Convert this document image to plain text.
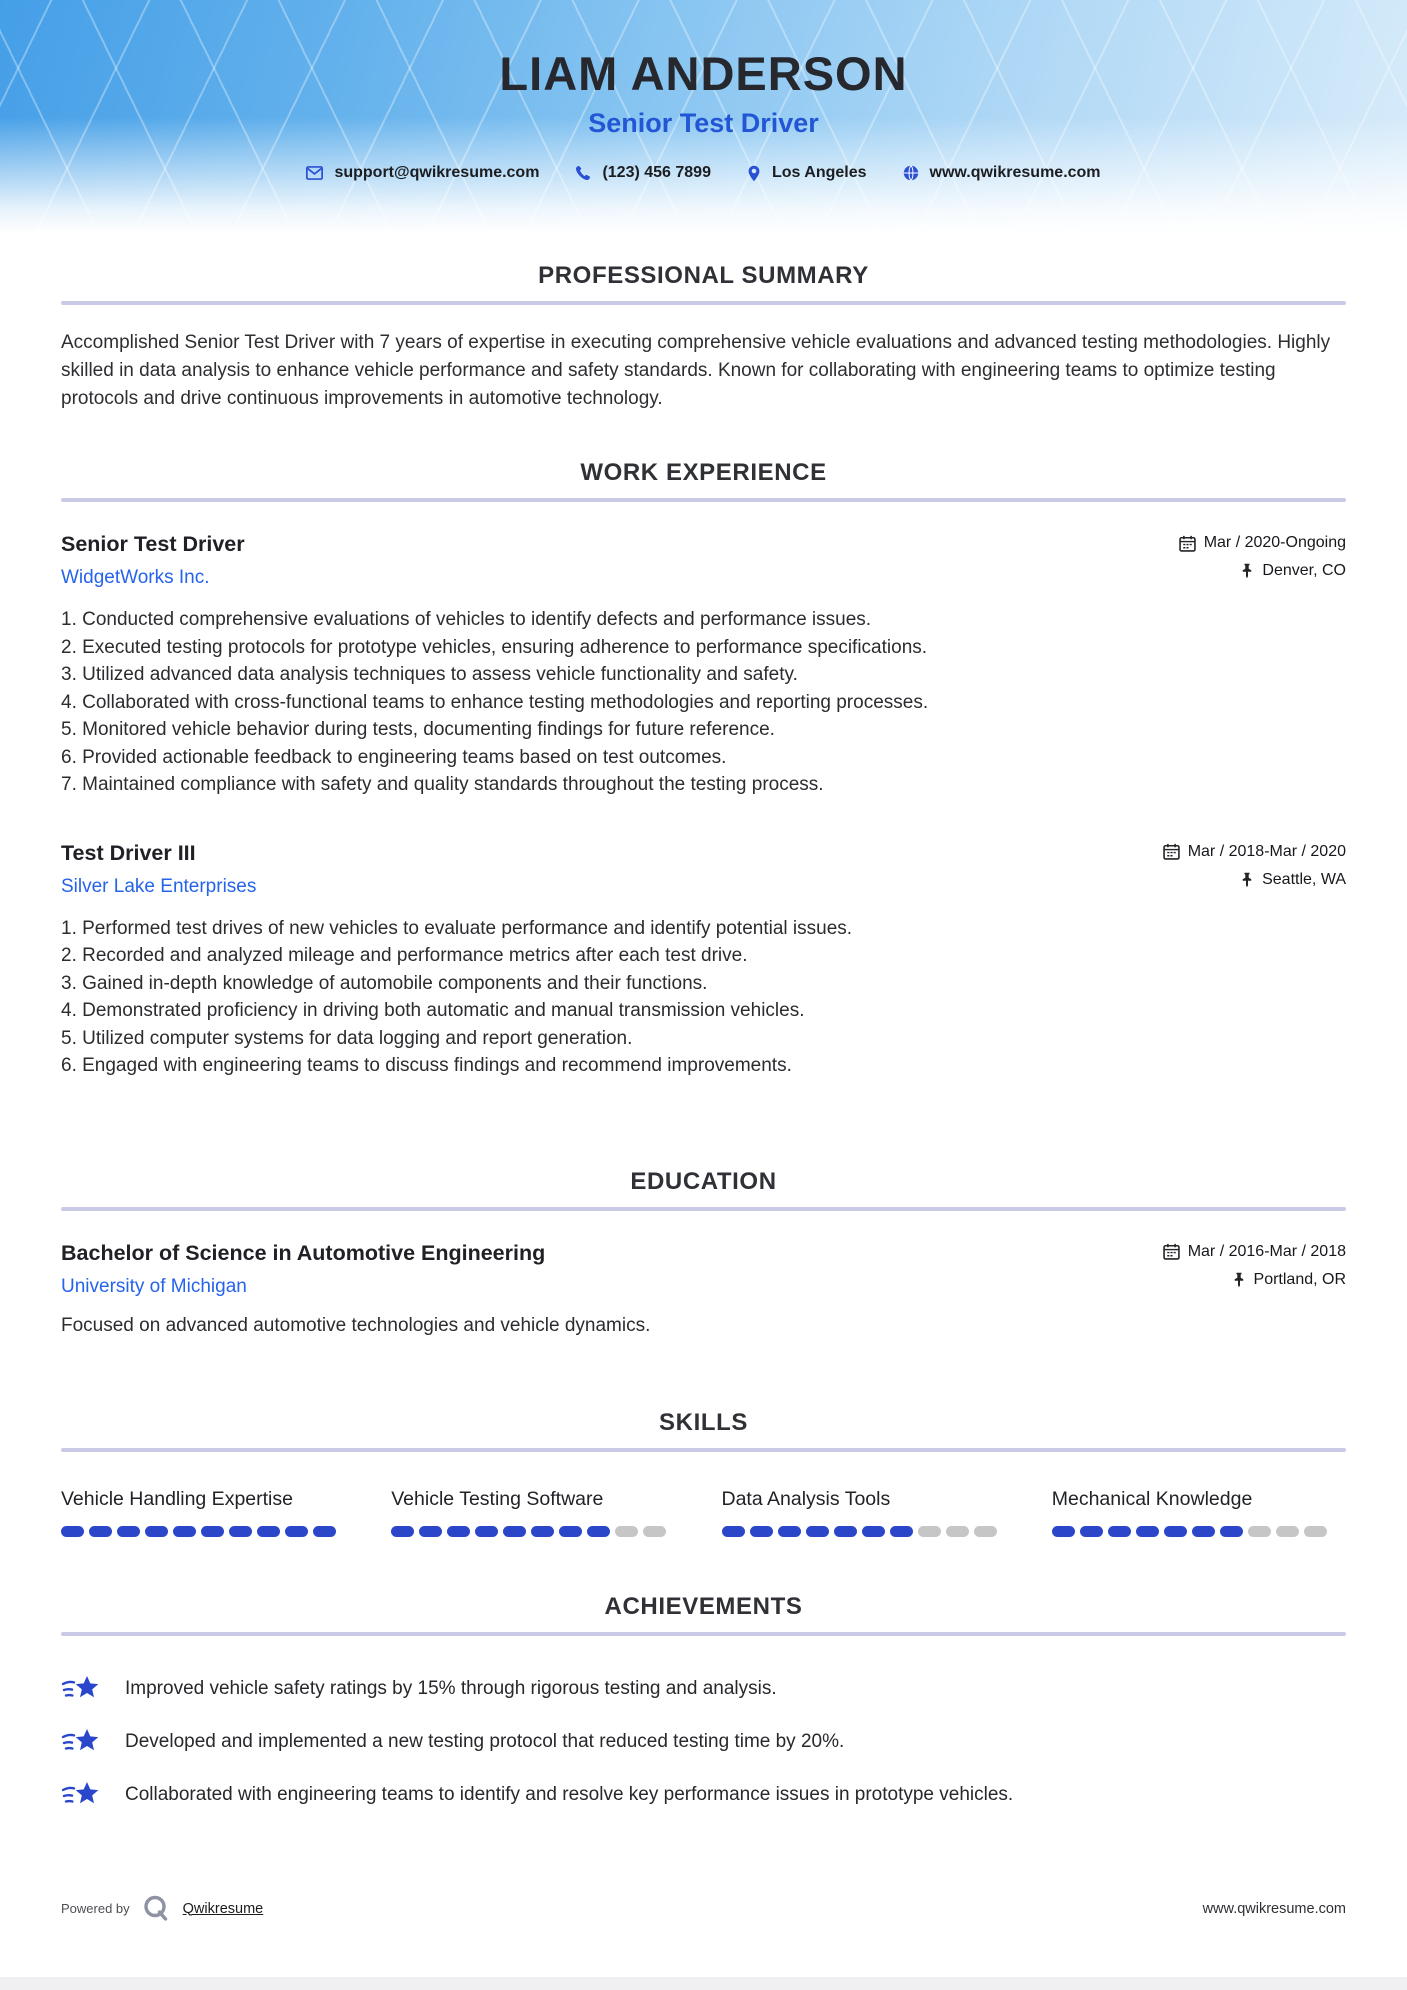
LIAM ANDERSON
Senior Test Driver
support@qwikresume.com	(123) 456 7899	Los Angeles	www.qwikresume.com
PROFESSIONAL SUMMARY

Accomplished Senior Test Driver with 7 years of expertise in executing comprehensive vehicle evaluations and advanced testing methodologies. Highly skilled in data analysis to enhance vehicle performance and safety standards. Known for collaborating with engineering teams to optimize testing protocols and drive continuous improvements in automotive technology.

WORK EXPERIENCE
Senior Test Driver
WidgetWorks Inc.
Mar / 2020-Ongoing
Denver, CO
1. Conducted comprehensive evaluations of vehicles to identify defects and performance issues.
2. Executed testing protocols for prototype vehicles, ensuring adherence to performance specifications.
3. Utilized advanced data analysis techniques to assess vehicle functionality and safety.
4. Collaborated with cross-functional teams to enhance testing methodologies and reporting processes.
5. Monitored vehicle behavior during tests, documenting findings for future reference.
6. Provided actionable feedback to engineering teams based on test outcomes.
7. Maintained compliance with safety and quality standards throughout the testing process.
Test Driver III
Silver Lake Enterprises
Mar / 2018-Mar / 2020
Seattle, WA
1. Performed test drives of new vehicles to evaluate performance and identify potential issues.
2. Recorded and analyzed mileage and performance metrics after each test drive.
3. Gained in-depth knowledge of automobile components and their functions.
4. Demonstrated proficiency in driving both automatic and manual transmission vehicles.
5. Utilized computer systems for data logging and report generation.
6. Engaged with engineering teams to discuss findings and recommend improvements.
EDUCATION
Bachelor of Science in Automotive Engineering
University of Michigan
Mar / 2016-Mar / 2018
Portland, OR

Focused on advanced automotive technologies and vehicle dynamics.

SKILLS
Vehicle Handling Expertise	Vehicle Testing Software	Data Analysis Tools	Mechanical Knowledge
ACHIEVEMENTS
Improved vehicle safety ratings by 15% through rigorous testing and analysis.
Developed and implemented a new testing protocol that reduced testing time by 20%.
Collaborated with engineering teams to identify and resolve key performance issues in prototype vehicles.
Powered by	Qwikresume	www.qwikresume.com
